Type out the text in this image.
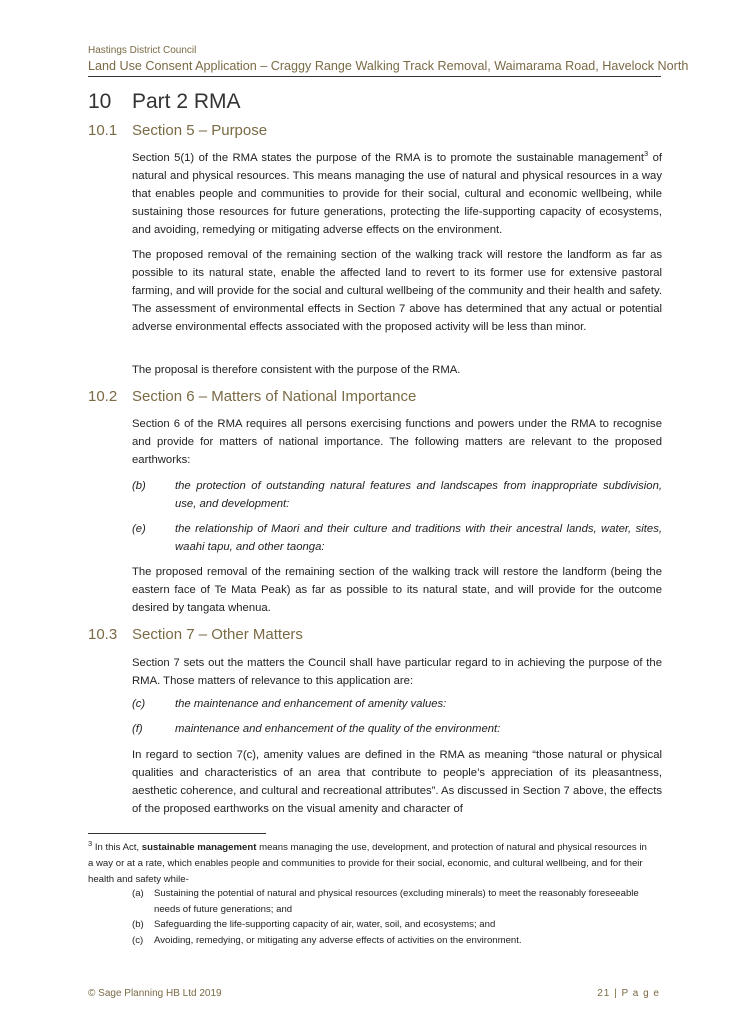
Hastings District Council
Land Use Consent Application – Craggy Range Walking Track Removal, Waimarama Road, Havelock North
10 Part 2 RMA
10.1 Section 5 – Purpose

Section 5(1) of the RMA states the purpose of the RMA is to promote the sustainable management$^3$ of natural and physical resources. This means managing the use of natural and physical resources in a way that enables people and communities to provide for their social, cultural and economic wellbeing, while sustaining those resources for future generations, protecting the life-supporting capacity of ecosystems, and avoiding, remedying or mitigating adverse effects on the environment.

The proposed removal of the remaining section of the walking track will restore the landform as far as possible to its natural state, enable the affected land to revert to its former use for extensive pastoral farming, and will provide for the social and cultural wellbeing of the community and their health and safety. The assessment of environmental effects in Section 7 above has determined that any actual or potential adverse environmental effects associated with the proposed activity will be less than minor.

The proposal is therefore consistent with the purpose of the RMA.

10.2 Section 6 – Matters of National Importance

Section 6 of the RMA requires all persons exercising functions and powers under the RMA to recognise and provide for matters of national importance. The following matters are relevant to the proposed earthworks:

(b)	the protection of outstanding natural features and landscapes from inappropriate subdivision, use, and development:
(e)	the relationship of Maori and their culture and traditions with their ancestral lands, water, sites, waahi tapu, and other taonga:

The proposed removal of the remaining section of the walking track will restore the landform (being the eastern face of Te Mata Peak) as far as possible to its natural state, and will provide for the outcome desired by tangata whenua.

10.3 Section 7 – Other Matters

Section 7 sets out the matters the Council shall have particular regard to in achieving the purpose of the RMA. Those matters of relevance to this application are:

(c)	the maintenance and enhancement of amenity values:
(f)	maintenance and enhancement of the quality of the environment:

In regard to section 7(c), amenity values are defined in the RMA as meaning “those natural or physical qualities and characteristics of an area that contribute to people’s appreciation of its pleasantness, aesthetic coherence, and cultural and recreational attributes”. As discussed in Section 7 above, the effects of the proposed earthworks on the visual amenity and character of

$^3$ In this Act, sustainable management means managing the use, development, and protection of natural and physical resources in a way or at a rate, which enables people and communities to provide for their social, economic, and cultural wellbeing, and for their health and safety while-
(a) Sustaining the potential of natural and physical resources (excluding minerals) to meet the reasonably foreseeable needs of future generations; and
(b) Safeguarding the life-supporting capacity of air, water, soil, and ecosystems; and
(c) Avoiding, remedying, or mitigating any adverse effects of activities on the environment.
© Sage Planning HB Ltd 2019	21 | P a g e
